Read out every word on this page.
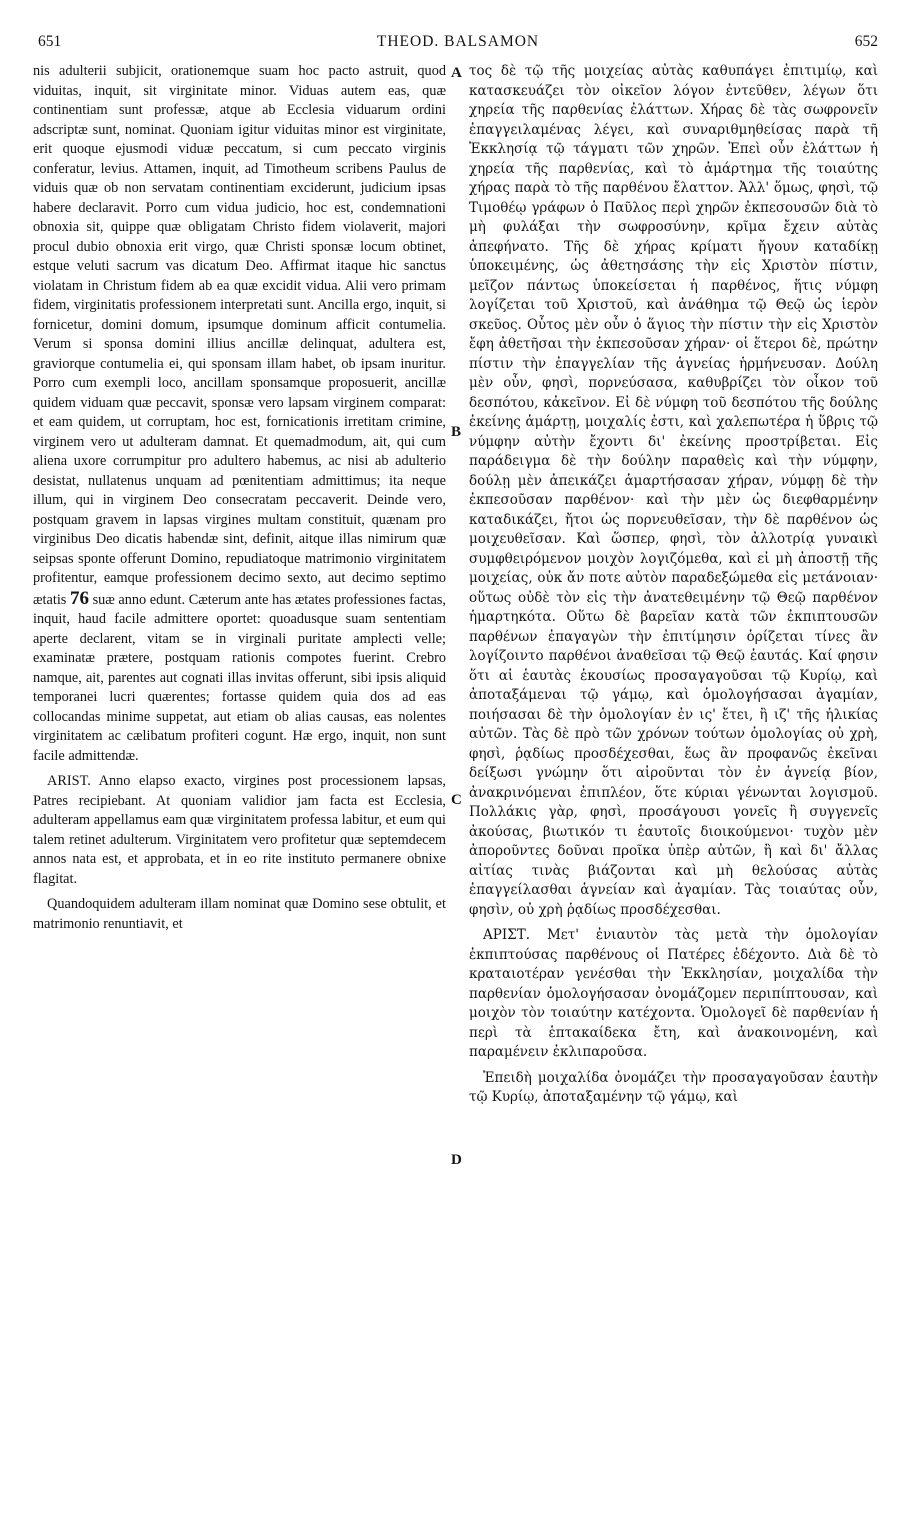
651	THEOD. BALSAMON	652

nis adulterii subjicit, orationemque suam hoc pacto astruit, quod viduitas, inquit, sit virginitate minor. Viduas autem eas, quæ continentiam sunt professæ, atque ab Ecclesia viduarum ordini adscriptæ sunt, nominat. Quoniam igitur viduitas minor est virginitate, erit quoque ejusmodi viduæ peccatum, si cum peccato virginis conferatur, levius. Attamen, inquit, ad Timotheum scribens Paulus de viduis quæ ob non servatam continentiam exciderunt, judicium ipsas habere declaravit. Porro cum vidua judicio, hoc est, condemnationi obnoxia sit, quippe quæ obligatam Christo fidem violaverit, majori procul dubio obnoxia erit virgo, quæ Christi sponsæ locum obtinet, estque veluti sacrum vas dicatum Deo. Affirmat itaque hic sanctus violatam in Christum fidem ab ea quæ excidit vidua. Alii vero primam fidem, virginitatis professionem interpretati sunt. Ancilla ergo, inquit, si fornicetur, domini domum, ipsumque dominum afficit contumelia. Verum si sponsa domini illius ancillæ delinquat, adultera est, graviorque contumelia ei, qui sponsam illam habet, ob ipsam inuritur. Porro cum exempli loco, ancillam sponsamque proposuerit, ancillæ quidem viduam quæ peccavit, sponsæ vero lapsam virginem comparat: et eam quidem, ut corruptam, hoc est, fornicationis irretitam crimine, virginem vero ut adulteram damnat. Et quemadmodum, ait, qui cum aliena uxore corrumpitur pro adultero habemus, ac nisi ab adulterio desistat, nullatenus unquam ad pœnitentiam admittimus; ita neque illum, qui in virginem Deo consecratam peccaverit. Deinde vero, postquam gravem in lapsas virgines multam constituit, quænam pro virginibus Deo dicatis habendæ sint, definit, aitque illas nimirum quæ seipsas sponte offerunt Domino, repudiatoque matrimonio virginitatem profitentur, eamque professionem decimo sexto, aut decimo septimo ætatis 76 suæ anno edunt. Cæterum ante has ætates professiones factas, inquit, haud facile admittere oportet: quoadusque suam sententiam aperte declarent, vitam se in virginali puritate amplecti velle; examinatæ prætere, postquam rationis compotes fuerint. Crebro namque, ait, parentes aut cognati illas invitas offerunt, sibi ipsis aliquid temporanei lucri quærentes; fortasse quidem quia dos ad eas collocandas minime suppetat, aut etiam ob alias causas, eas nolentes virginitatem ac cælibatum profiteri cogunt. Hæ ergo, inquit, non sunt facile admittendæ.

ARIST. Anno elapso exacto, virgines post processionem lapsas, Patres recipiebant. At quoniam validior jam facta est Ecclesia, adulteram appellamus eam quæ virginitatem professa labitur, et eum qui talem retinet adulterum. Virginitatem vero profitetur quæ septemdecem annos nata est, et approbata, et in eo rite instituto permanere obnixe flagitat.

Quandoquidem adulteram illam nominat quæ Domino sese obtulit, et matrimonio renuntiavit, et

τος δὲ τῷ τῆς μοιχείας αὐτὰς καθυπάγει ἐπιτιμίῳ, καὶ κατασκευάζει τὸν οἰκεῖον λόγον ἐντεῦθεν, λέγων ὅτι χηρεία τῆς παρθενίας ἐλάττων. Χήρας δὲ τὰς σωφρονεῖν ἐπαγγειλαμένας λέγει, καὶ συναριθμηθείσας παρὰ τῆ Ἐκκλησίᾳ τῷ τάγματι τῶν χηρῶν. Ἐπεὶ οὖν ἐλάττων ἡ χηρεία τῆς παρθενίας, καὶ τὸ ἁμάρτημα τῆς τοιαύτης χήρας παρὰ τὸ τῆς παρθένου ἔλαττον. Ἀλλ' ὅμως, φησὶ, τῷ Τιμοθέῳ γράφων ὁ Παῦλος περὶ χηρῶν ἐκπεσουσῶν διὰ τὸ μὴ φυλάξαι τὴν σωφροσύνην, κρῖμα ἔχειν αὐτὰς ἀπεφήνατο. Τῆς δὲ χήρας κρίματι ἤγουν καταδίκῃ ὑποκειμένης, ὡς ἀθετησάσης τὴν εἰς Χριστὸν πίστιν, μεῖζον πάντως ὑποκείσεται ἡ παρθένος, ἥτις νύμφη λογίζεται τοῦ Χριστοῦ, καὶ ἀνάθημα τῷ Θεῷ ὡς ἱερὸν σκεῦος. Οὗτος μὲν οὖν ὁ ἅγιος τὴν πίστιν τὴν εἰς Χριστὸν ἔφη ἀθετῆσαι τὴν ἐκπεσοῦσαν χήραν· οἱ ἕτεροι δὲ, πρώτην πίστιν τὴν ἐπαγγελίαν τῆς ἁγνείας ἡρμήνευσαν. Δούλη μὲν οὖν, φησὶ, πορνεύσασα, καθυβρίζει τὸν οἶκον τοῦ δεσπότου, κἀκεῖνον. Εἰ δὲ νύμφη τοῦ δεσπότου τῆς δούλης ἐκείνης ἁμάρτῃ, μοιχαλίς ἐστι, καὶ χαλεπωτέρα ἡ ὕβρις τῷ νύμφην αὐτὴν ἔχοντι δι' ἐκείνης προστρίβεται. Εἰς παράδειγμα δὲ τὴν δούλην παραθεὶς καὶ τὴν νύμφην, δούλῃ μὲν ἀπεικάζει ἁμαρτήσασαν χήραν, νύμφῃ δὲ τὴν ἐκπεσοῦσαν παρθένον· καὶ τὴν μὲν ὡς διεφθαρμένην καταδικάζει, ἤτοι ὡς πορνευθεῖσαν, τὴν δὲ παρθένον ὡς μοιχευθεῖσαν. Καὶ ὥσπερ, φησὶ, τὸν ἀλλοτρίᾳ γυναικὶ συμφθειρόμενον μοιχὸν λογιζόμεθα, καὶ εἰ μὴ ἀποστῇ τῆς μοιχείας, οὐκ ἄν ποτε αὐτὸν παραδεξώμεθα εἰς μετάνοιαν· οὕτως οὐδὲ τὸν εἰς τὴν ἀνατεθειμένην τῷ Θεῷ παρθένον ἡμαρτηκότα. Οὕτω δὲ βαρεῖαν κατὰ τῶν ἐκπιπτουσῶν παρθένων ἐπαγαγὼν τὴν ἐπιτίμησιν ὁρίζεται τίνες ἂν λογίζοιντο παρθένοι ἀναθεῖσαι τῷ Θεῷ ἑαυτάς. Καί φησιν ὅτι αἱ ἑαυτὰς ἑκουσίως προσαγαγοῦσαι τῷ Κυρίῳ, καὶ ἀποταξάμεναι τῷ γάμῳ, καὶ ὁμολογήσασαι ἀγαμίαν, ποιήσασαι δὲ τὴν ὁμολογίαν ἐν ις' ἔτει, ἢ ιζ' τῆς ἡλικίας αὐτῶν. Τὰς δὲ πρὸ τῶν χρόνων τούτων ὁμολογίας οὐ χρὴ, φησὶ, ῥᾳδίως προσδέχεσθαι, ἕως ἂν προφανῶς ἐκεῖναι δείξωσι γνώμην ὅτι αἱροῦνται τὸν ἐν ἁγνείᾳ βίον, ἀνακρινόμεναι ἐπιπλέον, ὅτε κύριαι γένωνται λογισμοῦ. Πολλάκις γὰρ, φησὶ, προσάγουσι γονεῖς ἢ συγγενεῖς ἀκούσας, βιωτικόν τι ἑαυτοῖς διοικούμενοι· τυχὸν μὲν ἀποροῦντες δοῦναι προῖκα ὑπὲρ αὐτῶν, ἢ καὶ δι' ἄλλας αἰτίας τινὰς βιάζονται καὶ μὴ θελούσας αὐτὰς ἐπαγγείλασθαι ἁγνείαν καὶ ἀγαμίαν. Τὰς τοιαύτας οὖν, φησὶν, οὐ χρὴ ῥᾳδίως προσδέχεσθαι.

ΑΡΙΣΤ. Μετ' ἐνιαυτὸν τὰς μετὰ τὴν ὁμολογίαν ἐκπιπτούσας παρθένους οἱ Πατέρες ἐδέχοντο. Διὰ δὲ τὸ κραταιοτέραν γενέσθαι τὴν Ἐκκλησίαν, μοιχαλίδα τὴν παρθενίαν ὁμολογήσασαν ὀνομάζομεν περιπίπτουσαν, καὶ μοιχὸν τὸν τοιαύτην κατέχοντα. Ὁμολογεῖ δὲ παρθενίαν ἡ περὶ τὰ ἑπτακαίδεκα ἔτη, καὶ ἀνακοινομένη, καὶ παραμένειν ἐκλιπαροῦσα.

Ἐπειδὴ μοιχαλίδα ὀνομάζει τὴν προσαγαγοῦσαν ἑαυτὴν τῷ Κυρίῳ, ἀποταξαμένην τῷ γάμῳ, καὶ

A
B
C
D
